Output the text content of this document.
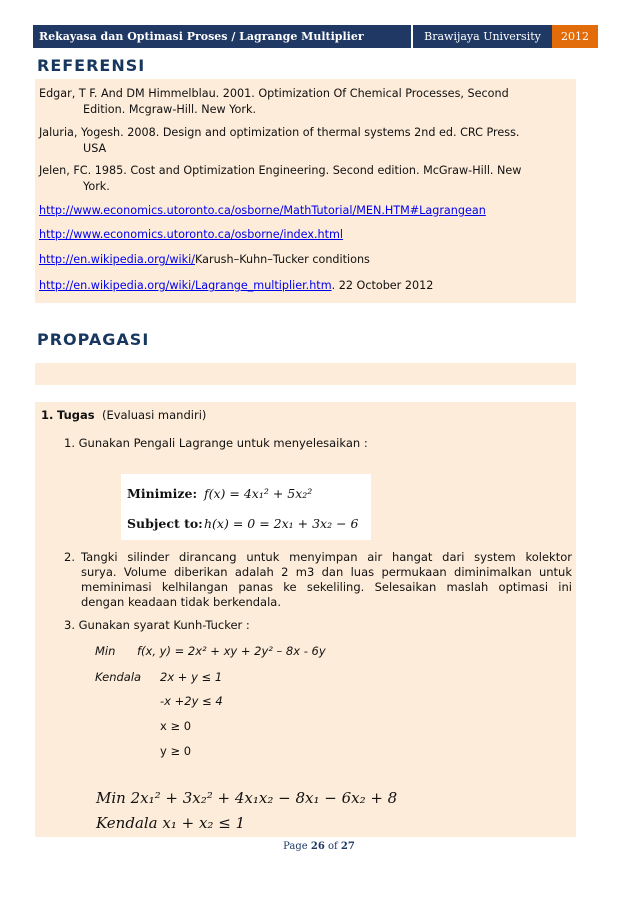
Rekayasa dan Optimasi Proses / Lagrange Multiplier	Brawijaya University	2012
REFERENSI
Edgar, T F. And DM Himmelblau. 2001. Optimization Of Chemical Processes, Second
Edition. Mcgraw-Hill. New York.
Jaluria, Yogesh. 2008. Design and optimization of thermal systems 2nd ed. CRC Press.
USA
Jelen, FC. 1985. Cost and Optimization Engineering. Second edition. McGraw-Hill. New
York.
http://www.economics.utoronto.ca/osborne/MathTutorial/MEN.HTM#Lagrangean
http://www.economics.utoronto.ca/osborne/index.html
http://en.wikipedia.org/wiki/Karush–Kuhn–Tucker conditions
http://en.wikipedia.org/wiki/Lagrange_multiplier.htm. 22 October 2012
PROPAGASI
1. Tugas (Evaluasi mandiri)
1. Gunakan Pengali Lagrange untuk menyelesaikan :
Minimize: f(x) = 4x₁² + 5x₂²
Subject to: h(x) = 0 = 2x₁ + 3x₂ − 6
2. Tangki silinder dirancang untuk menyimpan air hangat dari system kolektor
surya. Volume diberikan adalah 2 m3 dan luas permukaan diminimalkan untuk
meminimasi kelhilangan panas ke sekeliling. Selesaikan maslah optimasi ini
dengan keadaan tidak berkendala.
3. Gunakan syarat Kunh-Tucker :
Min f(x, y) = 2x² + xy + 2y² – 8x - 6y
Kendala 2x + y ≤ 1
-x +2y ≤ 4
x ≥ 0
y ≥ 0
Min 2x₁² + 3x₂² + 4x₁x₂ − 8x₁ − 6x₂ + 8
Kendala x₁ + x₂ ≤ 1
Page 26 of 27
